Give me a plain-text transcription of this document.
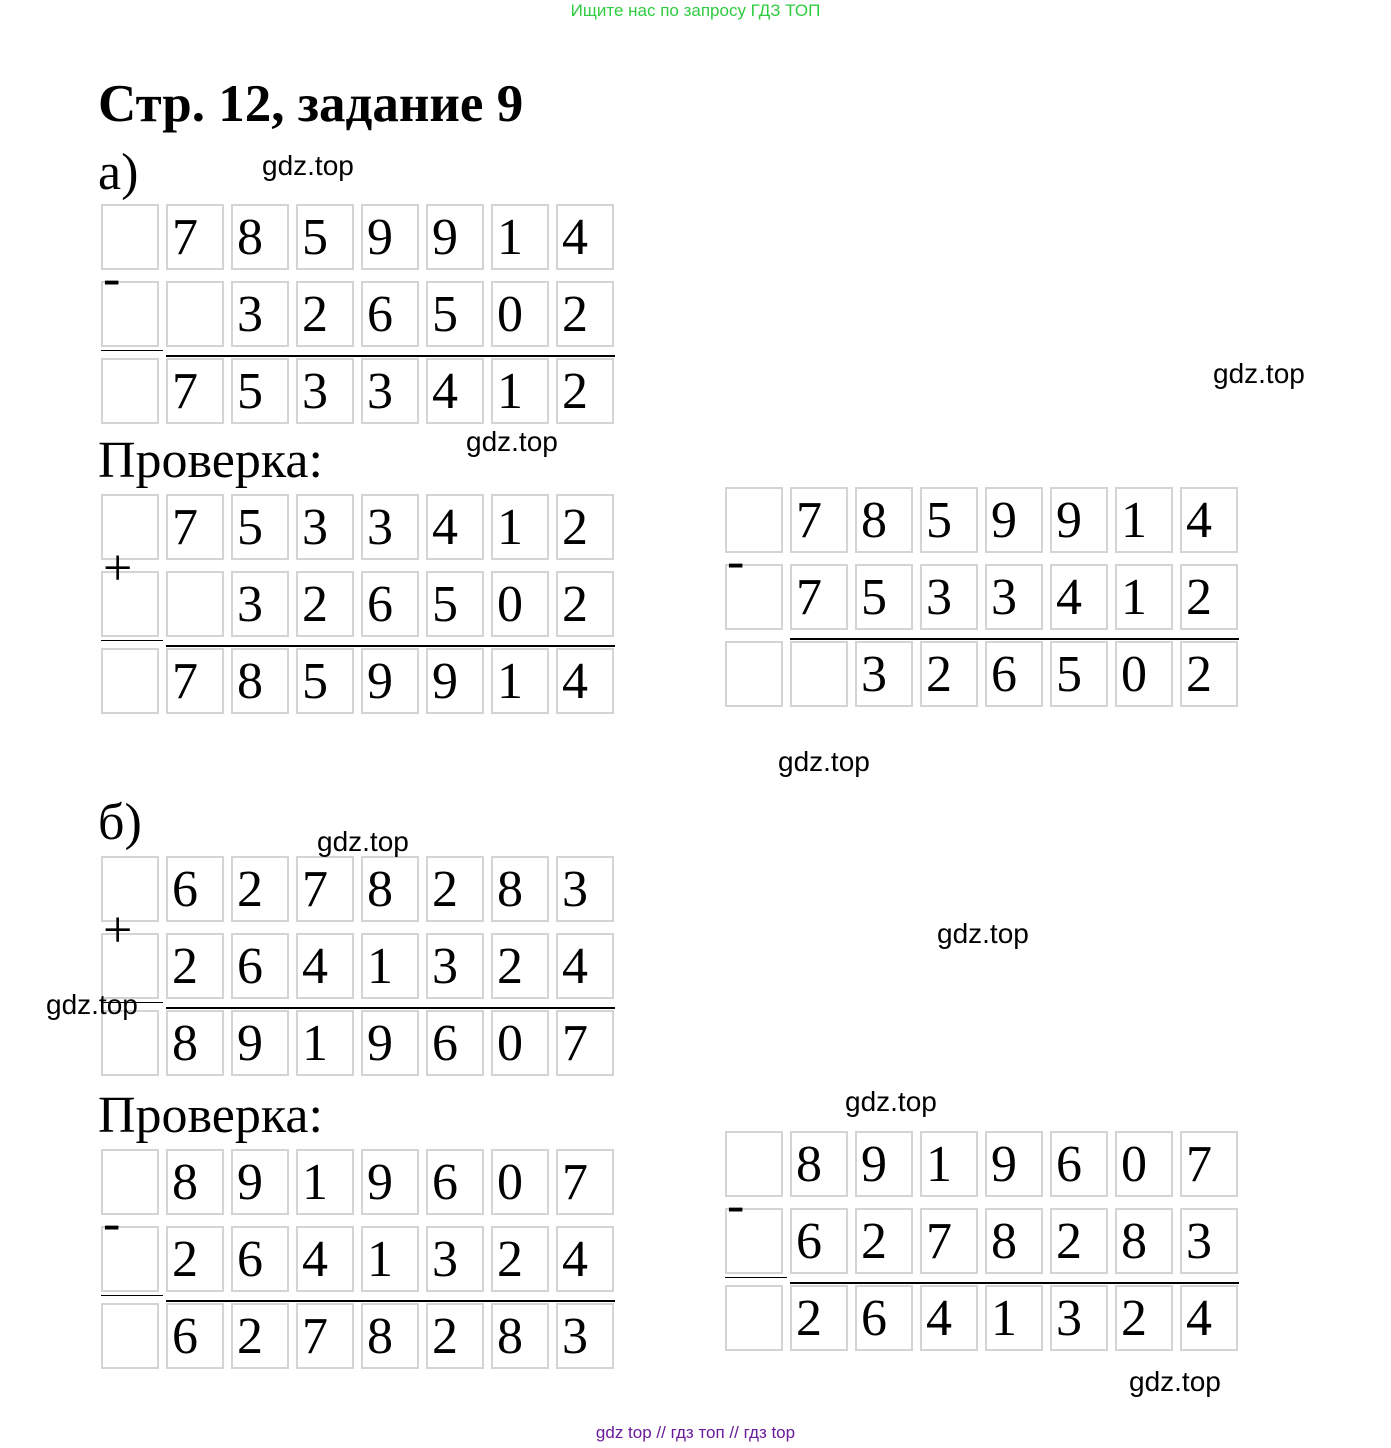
Ищите нас по запросу ГДЗ ТОП
Стр. 12, задание 9
а)
Проверка:
б)
Проверка:
7 8 5 9 9 1 4
3 2 6 5 0 2
7 5 3 3 4 1 2
-
7 5 3 3 4 1 2
3 2 6 5 0 2
7 8 5 9 9 1 4
+
7 8 5 9 9 1 4
7 5 3 3 4 1 2
3 2 6 5 0 2
-
6 2 7 8 2 8 3
2 6 4 1 3 2 4
8 9 1 9 6 0 7
+
8 9 1 9 6 0 7
2 6 4 1 3 2 4
6 2 7 8 2 8 3
-
8 9 1 9 6 0 7
6 2 7 8 2 8 3
2 6 4 1 3 2 4
-
gdz.top
gdz.top
gdz.top
gdz.top
gdz.top
gdz.top
gdz.top
gdz.top
gdz.top
gdz top // гдз топ // гдз top
